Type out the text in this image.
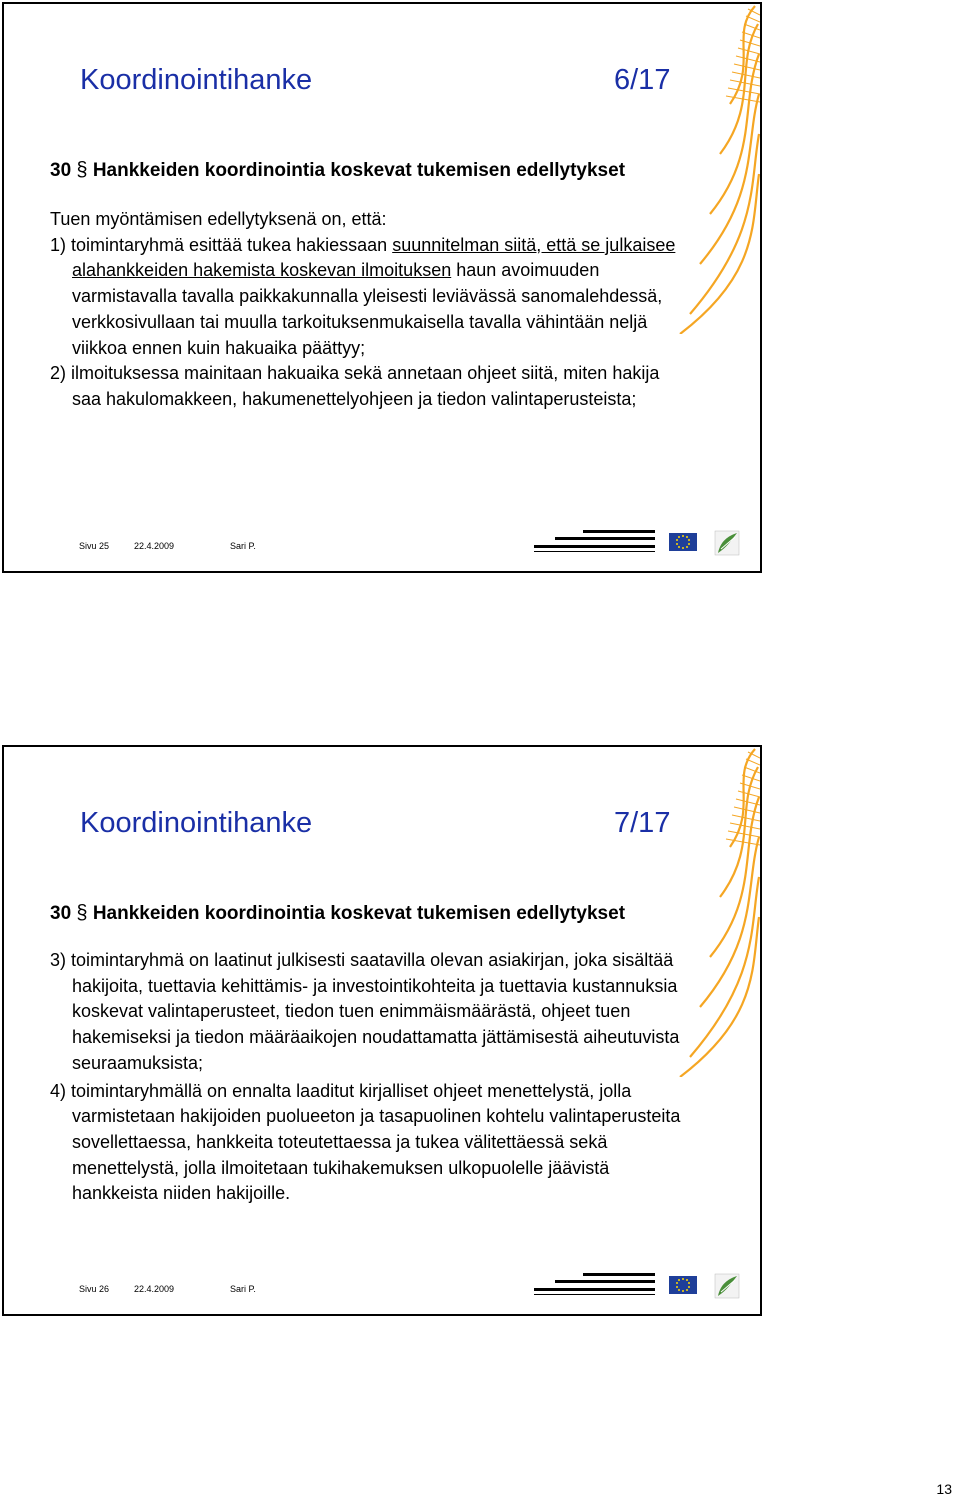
Koordinointihanke	6/17
30 § Hankkeiden koordinointia koskevat tukemisen edellytykset

Tuen myöntämisen edellytyksenä on, että:

1) toimintaryhmä esittää tukea hakiessaan suunnitelman siitä, että se julkaisee alahankkeiden hakemista koskevan ilmoituksen haun avoimuuden varmistavalla tavalla paikkakunnalla yleisesti leviävässä sanomalehdessä, verkkosivullaan tai muulla tarkoituksenmukaisella tavalla vähintään neljä viikkoa ennen kuin hakuaika päättyy;

2) ilmoituksessa mainitaan hakuaika sekä annetaan ohjeet siitä, miten hakija saa hakulomakkeen, hakumenettelyohjeen ja tiedon valintaperusteista;

Sivu 25	22.4.2009	Sari P.
Koordinointihanke	7/17
30 § Hankkeiden koordinointia koskevat tukemisen edellytykset

3) toimintaryhmä on laatinut julkisesti saatavilla olevan asiakirjan, joka sisältää hakijoita, tuettavia kehittämis- ja investointikohteita ja tuettavia kustannuksia koskevat valintaperusteet, tiedon tuen enimmäismäärästä, ohjeet tuen hakemiseksi ja tiedon määräaikojen noudattamatta jättämisestä aiheutuvista seuraamuksista;

4) toimintaryhmällä on ennalta laaditut kirjalliset ohjeet menettelystä, jolla varmistetaan hakijoiden puolueeton ja tasapuolinen kohtelu valintaperusteita sovellettaessa, hankkeita toteutettaessa ja tukea välitettäessä sekä menettelystä, jolla ilmoitetaan tukihakemuksen ulkopuolelle jäävistä hankkeista niiden hakijoille.

Sivu 26	22.4.2009	Sari P.
13
